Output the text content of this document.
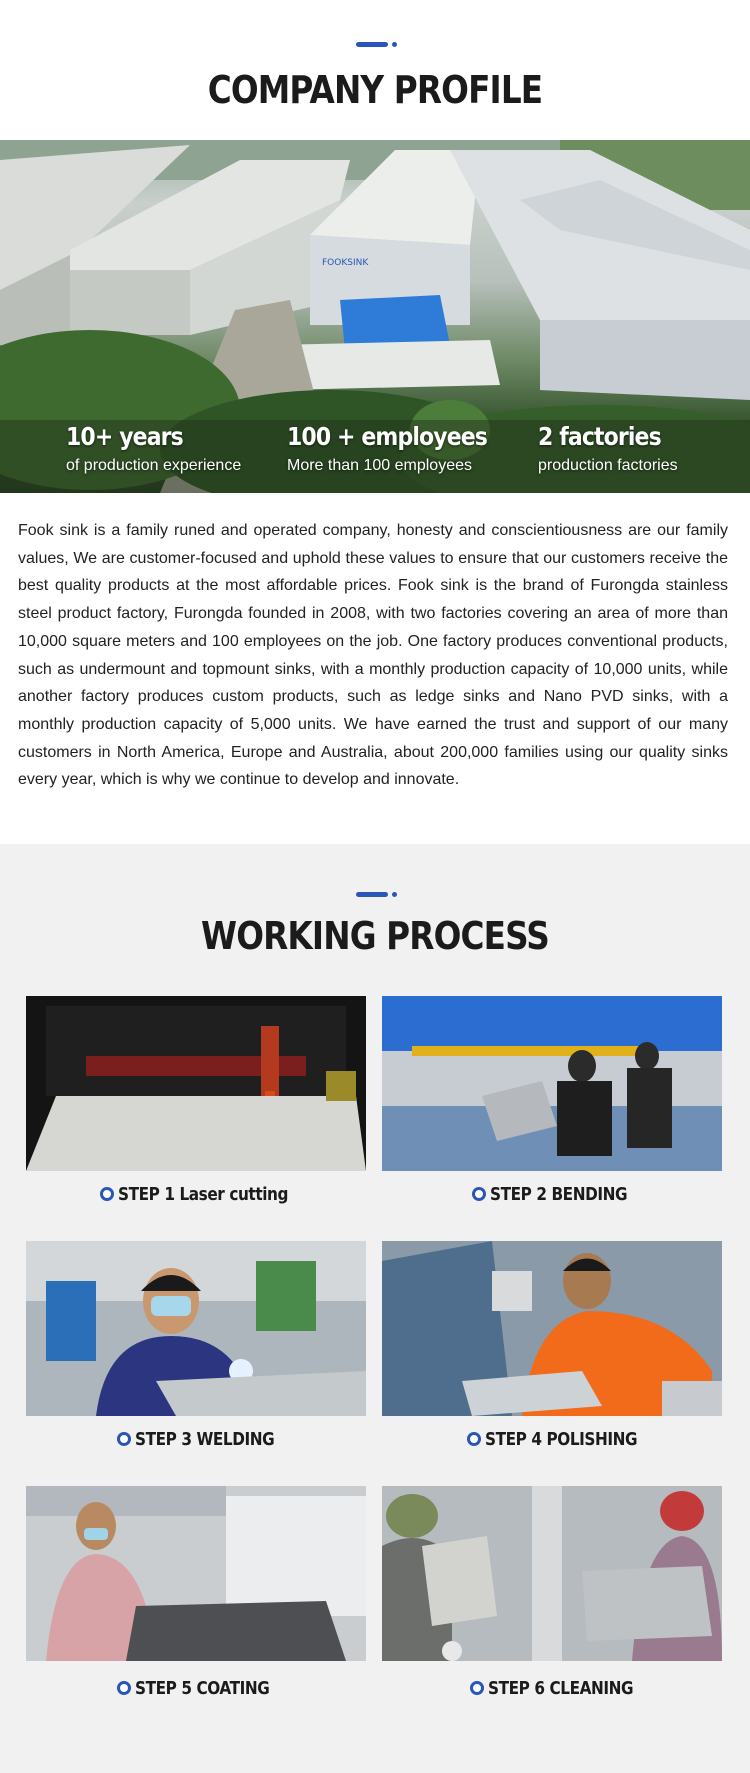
COMPANY PROFILE
FOOKSINK
10+ years
of production experience
100 + employees
More than 100 employees
2 factories
production factories

Fook sink is a family runed and operated company, honesty and conscientiousness are our family values, We are customer-focused and uphold these values to ensure that our customers receive the best quality products at the most affordable prices. Fook sink is the brand of Furongda stainless steel product factory, Furongda founded in 2008, with two factories covering an area of more than 10,000 square meters and 100 employees on the job. One factory produces conventional products, such as undermount and topmount sinks, with a monthly production capacity of 10,000 units, while another factory produces custom products, such as ledge sinks and Nano PVD sinks, with a monthly production capacity of 5,000 units. We have earned the trust and support of our many customers in North America, Europe and Australia, about 200,000 families using our quality sinks every year, which is why we continue to develop and innovate.

WORKING PROCESS
STEP 1 Laser cutting	STEP 2 BENDING
STEP 3 WELDING	STEP 4 POLISHING
STEP 5 COATING	STEP 6 CLEANING
